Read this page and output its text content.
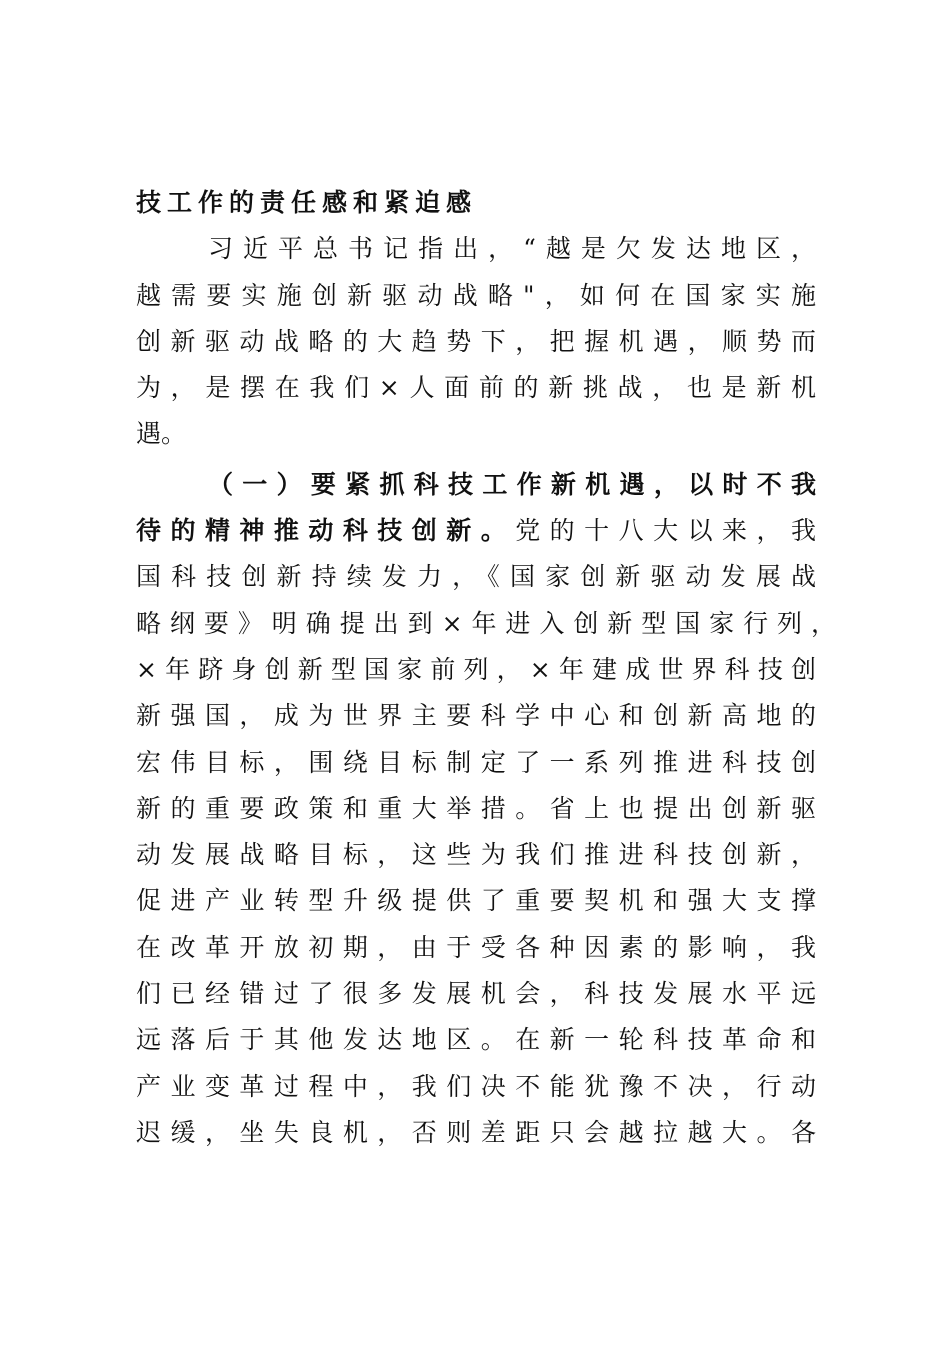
技工作的责任感和紧迫感
习近平总书记指出，“越是欠发达地区，
越需要实施创新驱动战略"，如何在国家实施
创新驱动战略的大趋势下，把握机遇，顺势而
为，是摆在我们×人面前的新挑战，也是新机
遇。
（一）要紧抓科技工作新机遇，以时不我
待的精神推动科技创新。党的十八大以来，我
国科技创新持续发力，《国家创新驱动发展战
略纲要》明确提出到×年进入创新型国家行列，
×年跻身创新型国家前列，×年建成世界科技创
新强国，成为世界主要科学中心和创新高地的
宏伟目标，围绕目标制定了一系列推进科技创
新的重要政策和重大举措。省上也提出创新驱
动发展战略目标，这些为我们推进科技创新，
促进产业转型升级提供了重要契机和强大支撑
在改革开放初期，由于受各种因素的影响，我
们已经错过了很多发展机会，科技发展水平远
远落后于其他发达地区。在新一轮科技革命和
产业变革过程中，我们决不能犹豫不决，行动
迟缓，坐失良机，否则差距只会越拉越大。各
